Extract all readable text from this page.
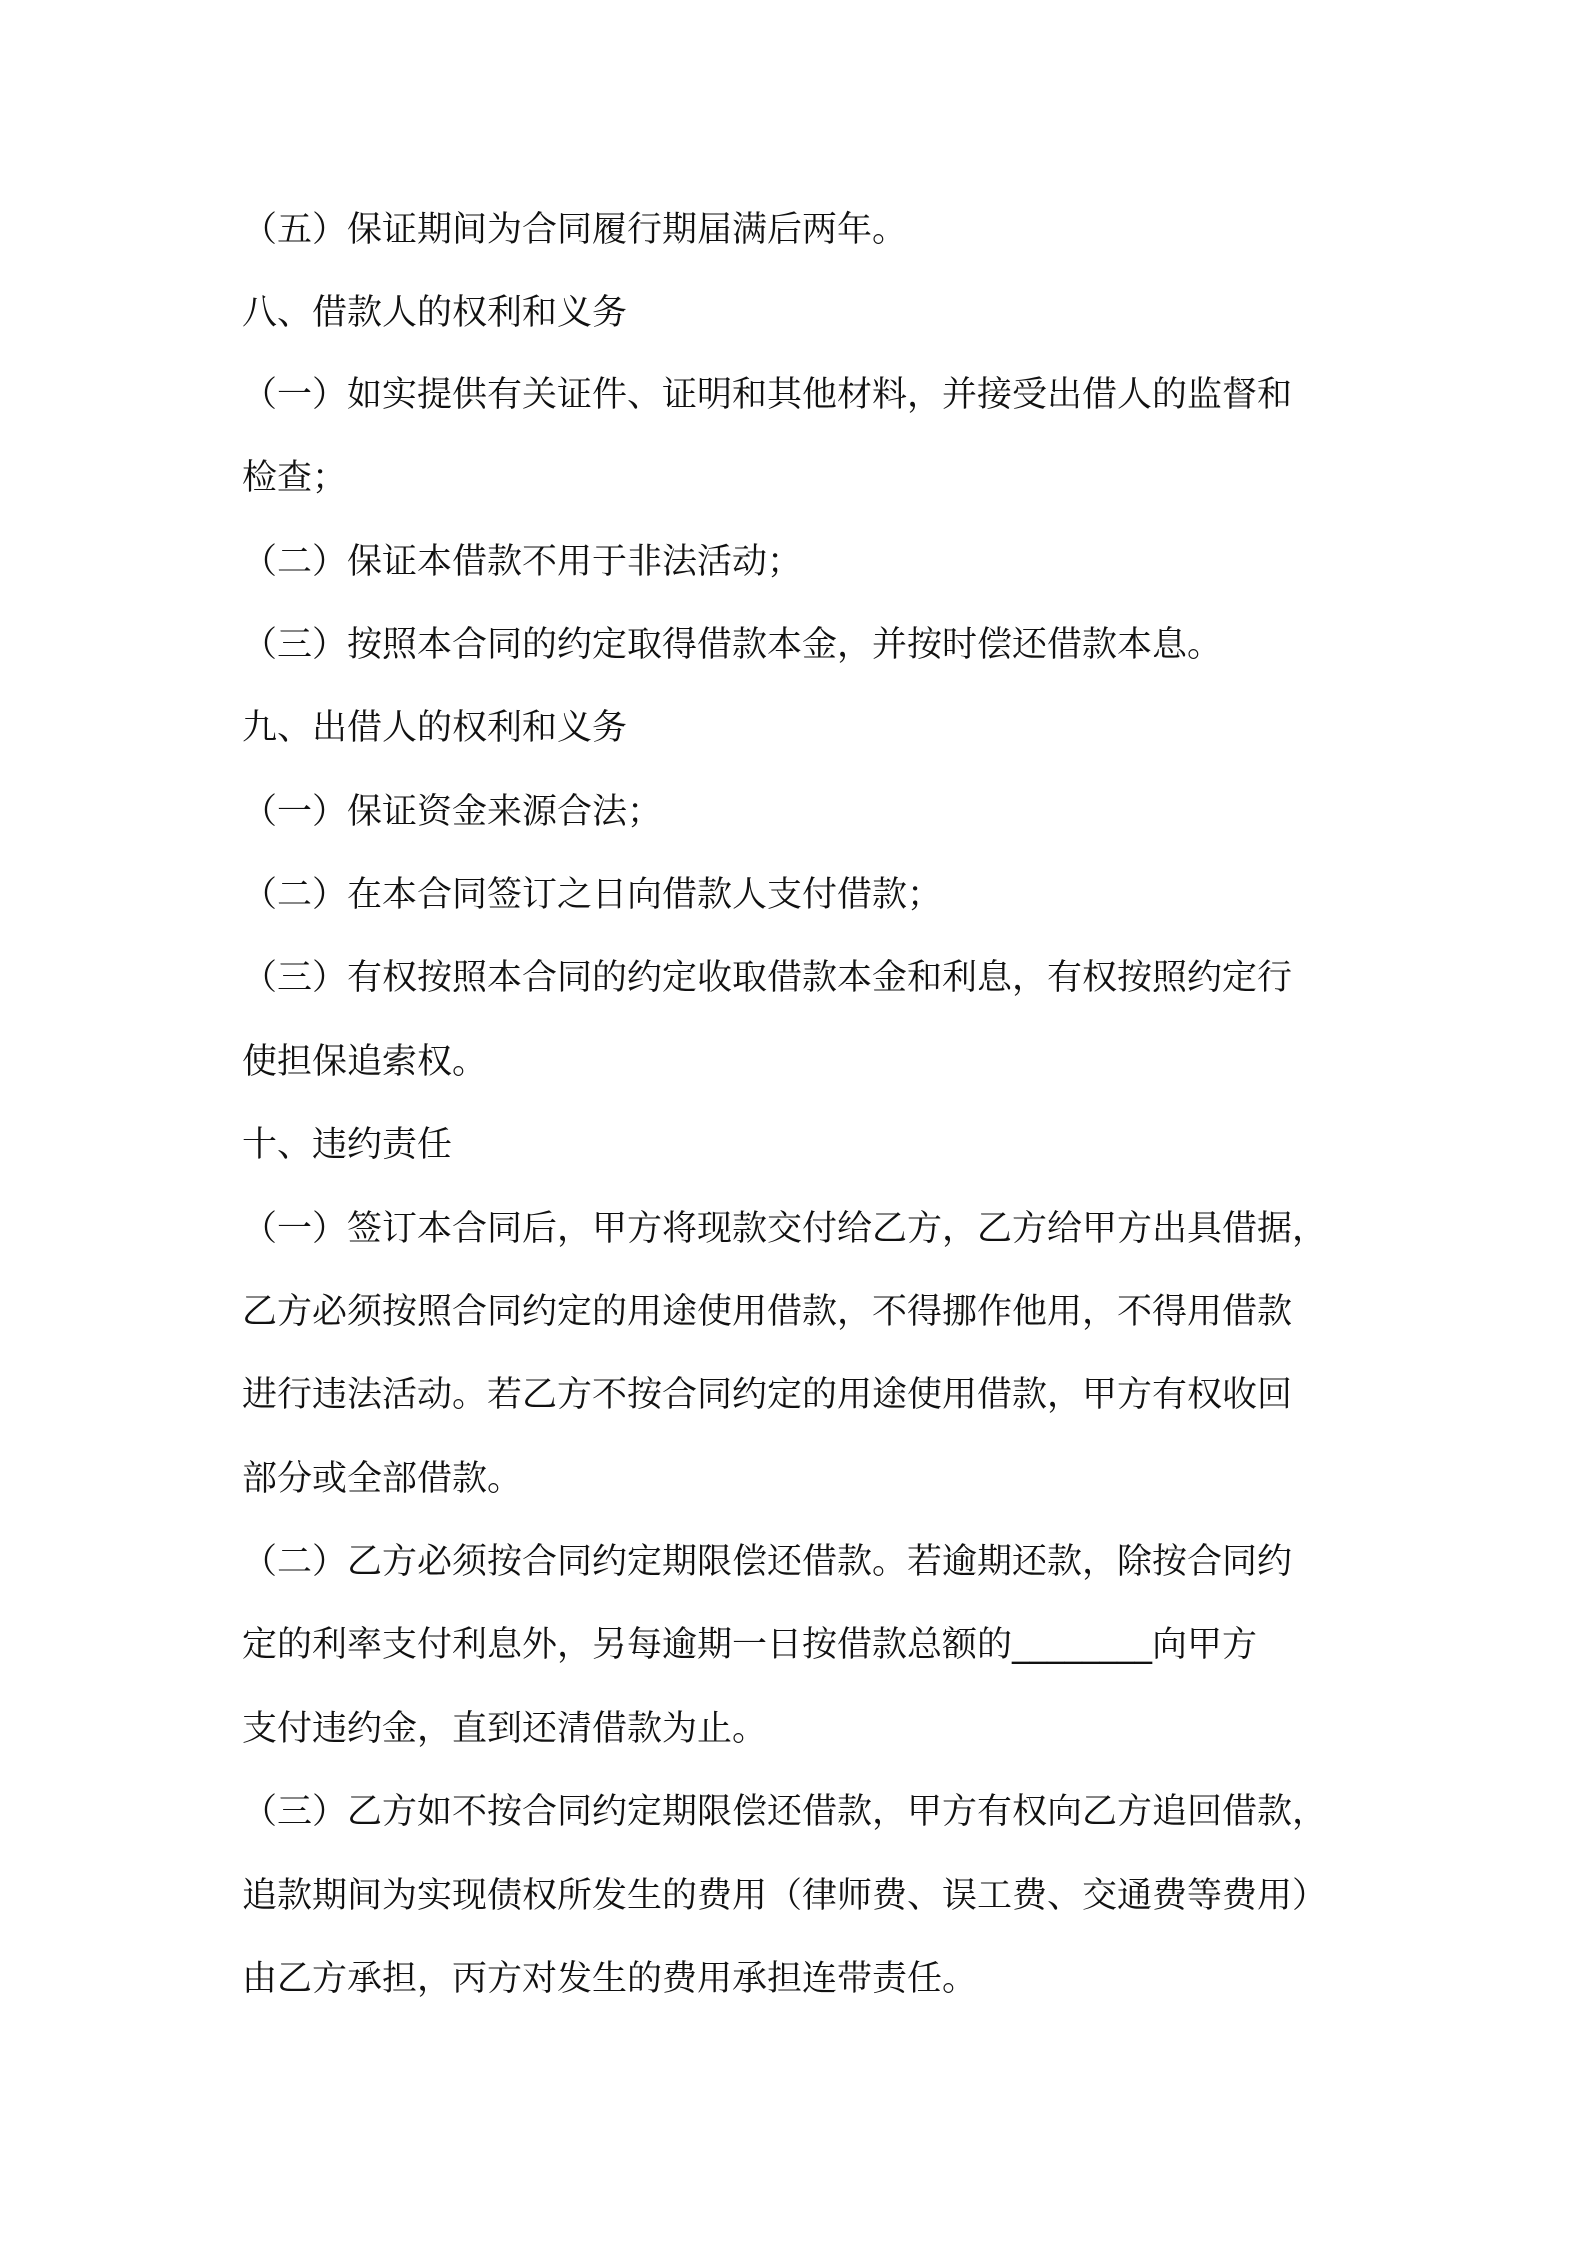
（五）保证期间为合同履行期届满后两年。

八、借款人的权利和义务

（一）如实提供有关证件、证明和其他材料，并接受出借人的监督和

检查；

（二）保证本借款不用于非法活动；

（三）按照本合同的约定取得借款本金，并按时偿还借款本息。

九、出借人的权利和义务

（一）保证资金来源合法；

（二）在本合同签订之日向借款人支付借款；

（三）有权按照本合同的约定收取借款本金和利息，有权按照约定行

使担保追索权。

十、违约责任

（一）签订本合同后，甲方将现款交付给乙方，乙方给甲方出具借据，

乙方必须按照合同约定的用途使用借款，不得挪作他用，不得用借款

进行违法活动。若乙方不按合同约定的用途使用借款，甲方有权收回

部分或全部借款。

（二）乙方必须按合同约定期限偿还借款。若逾期还款，除按合同约

定的利率支付利息外，另每逾期一日按借款总额的________向甲方

支付违约金，直到还清借款为止。

（三）乙方如不按合同约定期限偿还借款，甲方有权向乙方追回借款，

追款期间为实现债权所发生的费用（律师费、误工费、交通费等费用）

由乙方承担，丙方对发生的费用承担连带责任。
